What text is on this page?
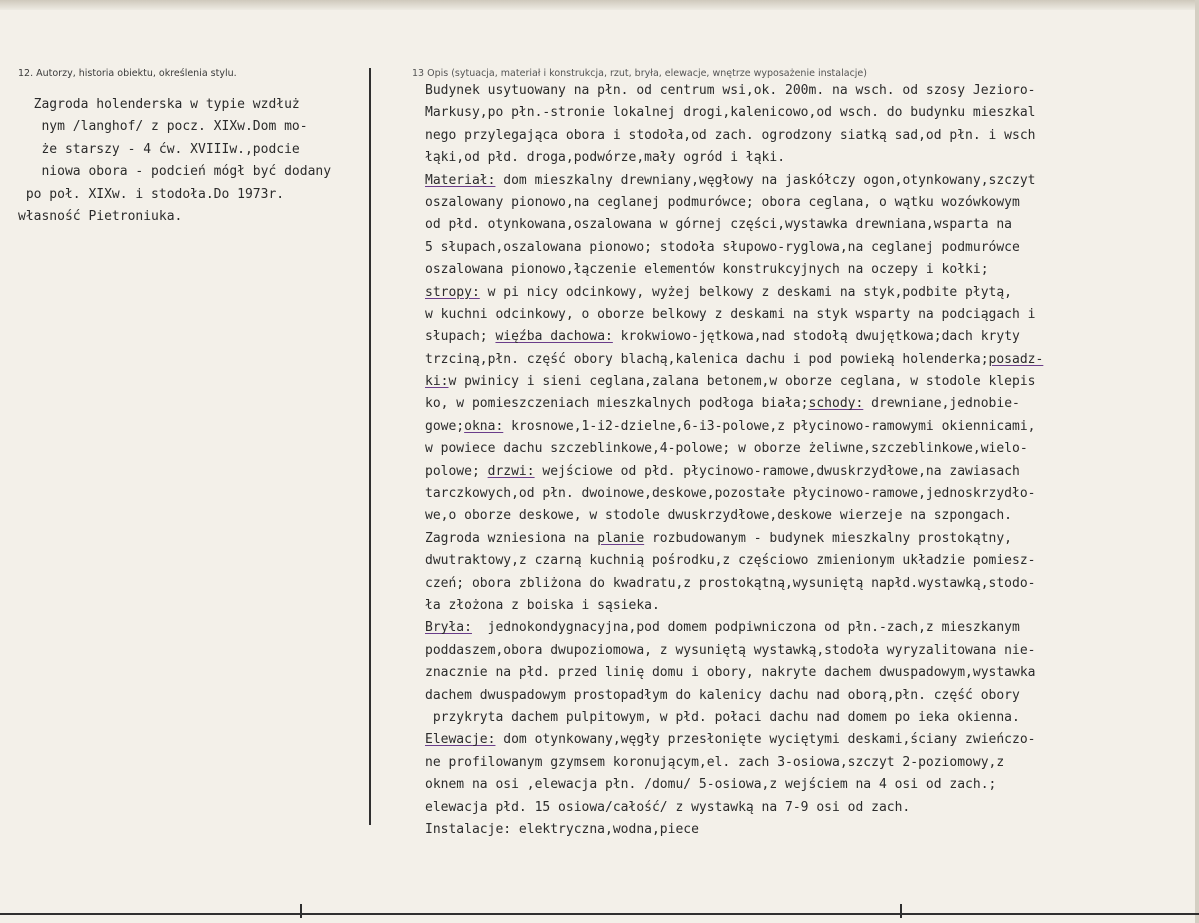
12. Autorzy, historia obiektu, określenia stylu.	13 Opis (sytuacja, materiał i konstrukcja, rzut, bryła, elewacje, wnętrze wyposażenie instalacje)
Zagroda holenderska w typie wzdłuż
nym /langhof/ z pocz. XIXw.Dom mo-
że starszy - 4 ćw. XVIIIw.,podcie
niowa obora - podcień mógł być dodany
po poł. XIXw. i stodoła.Do 1973r.
własność Pietroniuka.
Budynek usytuowany na płn. od centrum wsi,ok. 200m. na wsch. od szosy Jezioro-
Markusy,po płn.-stronie lokalnej drogi,kalenicowo,od wsch. do budynku mieszkal
nego przylegająca obora i stodoła,od zach. ogrodzony siatką sad,od płn. i wsch
łąki,od płd. droga,podwórze,mały ogród i łąki.
Materiał: dom mieszkalny drewniany,węgłowy na jaskółczy ogon,otynkowany,szczyt
oszalowany pionowo,na ceglanej podmurówce; obora ceglana, o wątku wozówkowym
od płd. otynkowana,oszalowana w górnej części,wystawka drewniana,wsparta na
5 słupach,oszalowana pionowo; stodoła słupowo-ryglowa,na ceglanej podmurówce
oszalowana pionowo,łączenie elementów konstrukcyjnych na oczepy i kołki;
stropy: w pi nicy odcinkowy, wyżej belkowy z deskami na styk,podbite płytą,
w kuchni odcinkowy, o oborze belkowy z deskami na styk wsparty na podciągach i
słupach; więźba dachowa: krokwiowo-jętkowa,nad stodołą dwujętkowa;dach kryty
trzciną,płn. część obory blachą,kalenica dachu i pod powieką holenderka;posadz-
ki:w pwinicy i sieni ceglana,zalana betonem,w oborze ceglana, w stodole klepis
ko, w pomieszczeniach mieszkalnych podłoga biała;schody: drewniane,jednobie-
gowe;okna: krosnowe,1-i2-dzielne,6-i3-polowe,z płycinowo-ramowymi okiennicami,
w powiece dachu szczeblinkowe,4-polowe; w oborze żeliwne,szczeblinkowe,wielo-
polowe; drzwi: wejściowe od płd. płycinowo-ramowe,dwuskrzydłowe,na zawiasach
tarczkowych,od płn. dwoinowe,deskowe,pozostałe płycinowo-ramowe,jednoskrzydło-
we,o oborze deskowe, w stodole dwuskrzydłowe,deskowe wierzeje na szpongach.
Zagroda wzniesiona na planie rozbudowanym - budynek mieszkalny prostokątny,
dwutraktowy,z czarną kuchnią pośrodku,z częściowo zmienionym układzie pomiesz-
czeń; obora zbliżona do kwadratu,z prostokątną,wysuniętą napłd.wystawką,stodo-
ła złożona z boiska i sąsieka.
Bryła:  jednokondygnacyjna,pod domem podpiwniczona od płn.-zach,z mieszkanym
poddaszem,obora dwupoziomowa, z wysuniętą wystawką,stodoła wyryzalitowana nie-
znacznie na płd. przed linię domu i obory, nakryte dachem dwuspadowym,wystawka
dachem dwuspadowym prostopadłym do kalenicy dachu nad oborą,płn. część obory
przykryta dachem pulpitowym, w płd. połaci dachu nad domem po ieka okienna.
Elewacje: dom otynkowany,węgły przesłonięte wyciętymi deskami,ściany zwieńczo-
ne profilowanym gzymsem koronującym,el. zach 3-osiowa,szczyt 2-poziomowy,z
oknem na osi ,elewacja płn. /domu/ 5-osiowa,z wejściem na 4 osi od zach.;
elewacja płd. 15 osiowa/całość/ z wystawką na 7-9 osi od zach.
Instalacje: elektryczna,wodna,piece
